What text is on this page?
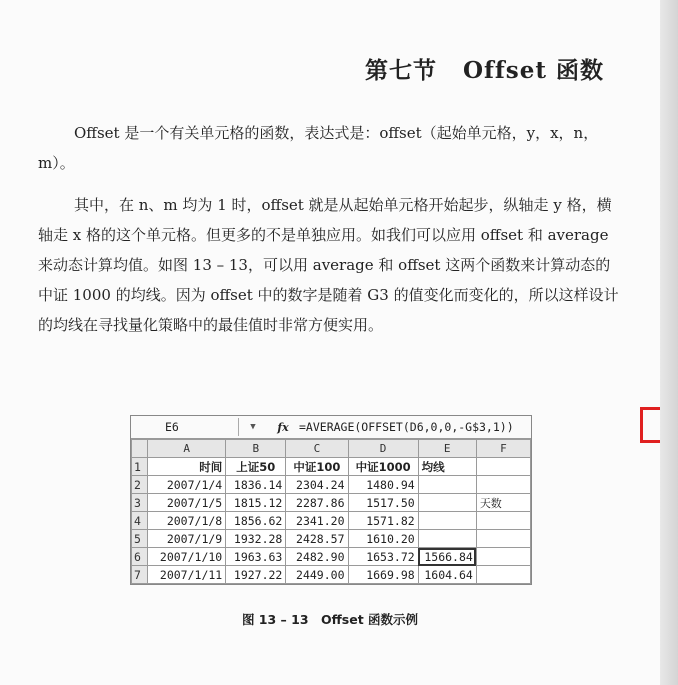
第七节 Offset 函数

Offset 是一个有关单元格的函数，表达式是：offset（起始单元格，y，x，n，m）。

其中，在 n、m 均为 1 时，offset 就是从起始单元格开始起步，纵轴走 y 格，横轴走 x 格的这个单元格。但更多的不是单独应用。如我们可以应用 offset 和 average 来动态计算均值。如图 13 – 13，可以用 average 和 offset 这两个函数来计算动态的中证 1000 的均线。因为 offset 中的数字是随着 G3 的值变化而变化的，所以这样设计的均线在寻找量化策略中的最佳值时非常方便实用。

E6	▼	fx =AVERAGE(OFFSET(D6,0,0,-G$3,1))
	A	B	C	D	E	F
1	时间	上证50	中证100	中证1000	均线	
2	2007/1/4	1836.14	2304.24	1480.94		
3	2007/1/5	1815.12	2287.86	1517.50		天数
4	2007/1/8	1856.62	2341.20	1571.82		
5	2007/1/9	1932.28	2428.57	1610.20		
6	2007/1/10	1963.63	2482.90	1653.72	1566.84	
7	2007/1/11	1927.22	2449.00	1669.98	1604.64	
图 13 – 13　Offset 函数示例
